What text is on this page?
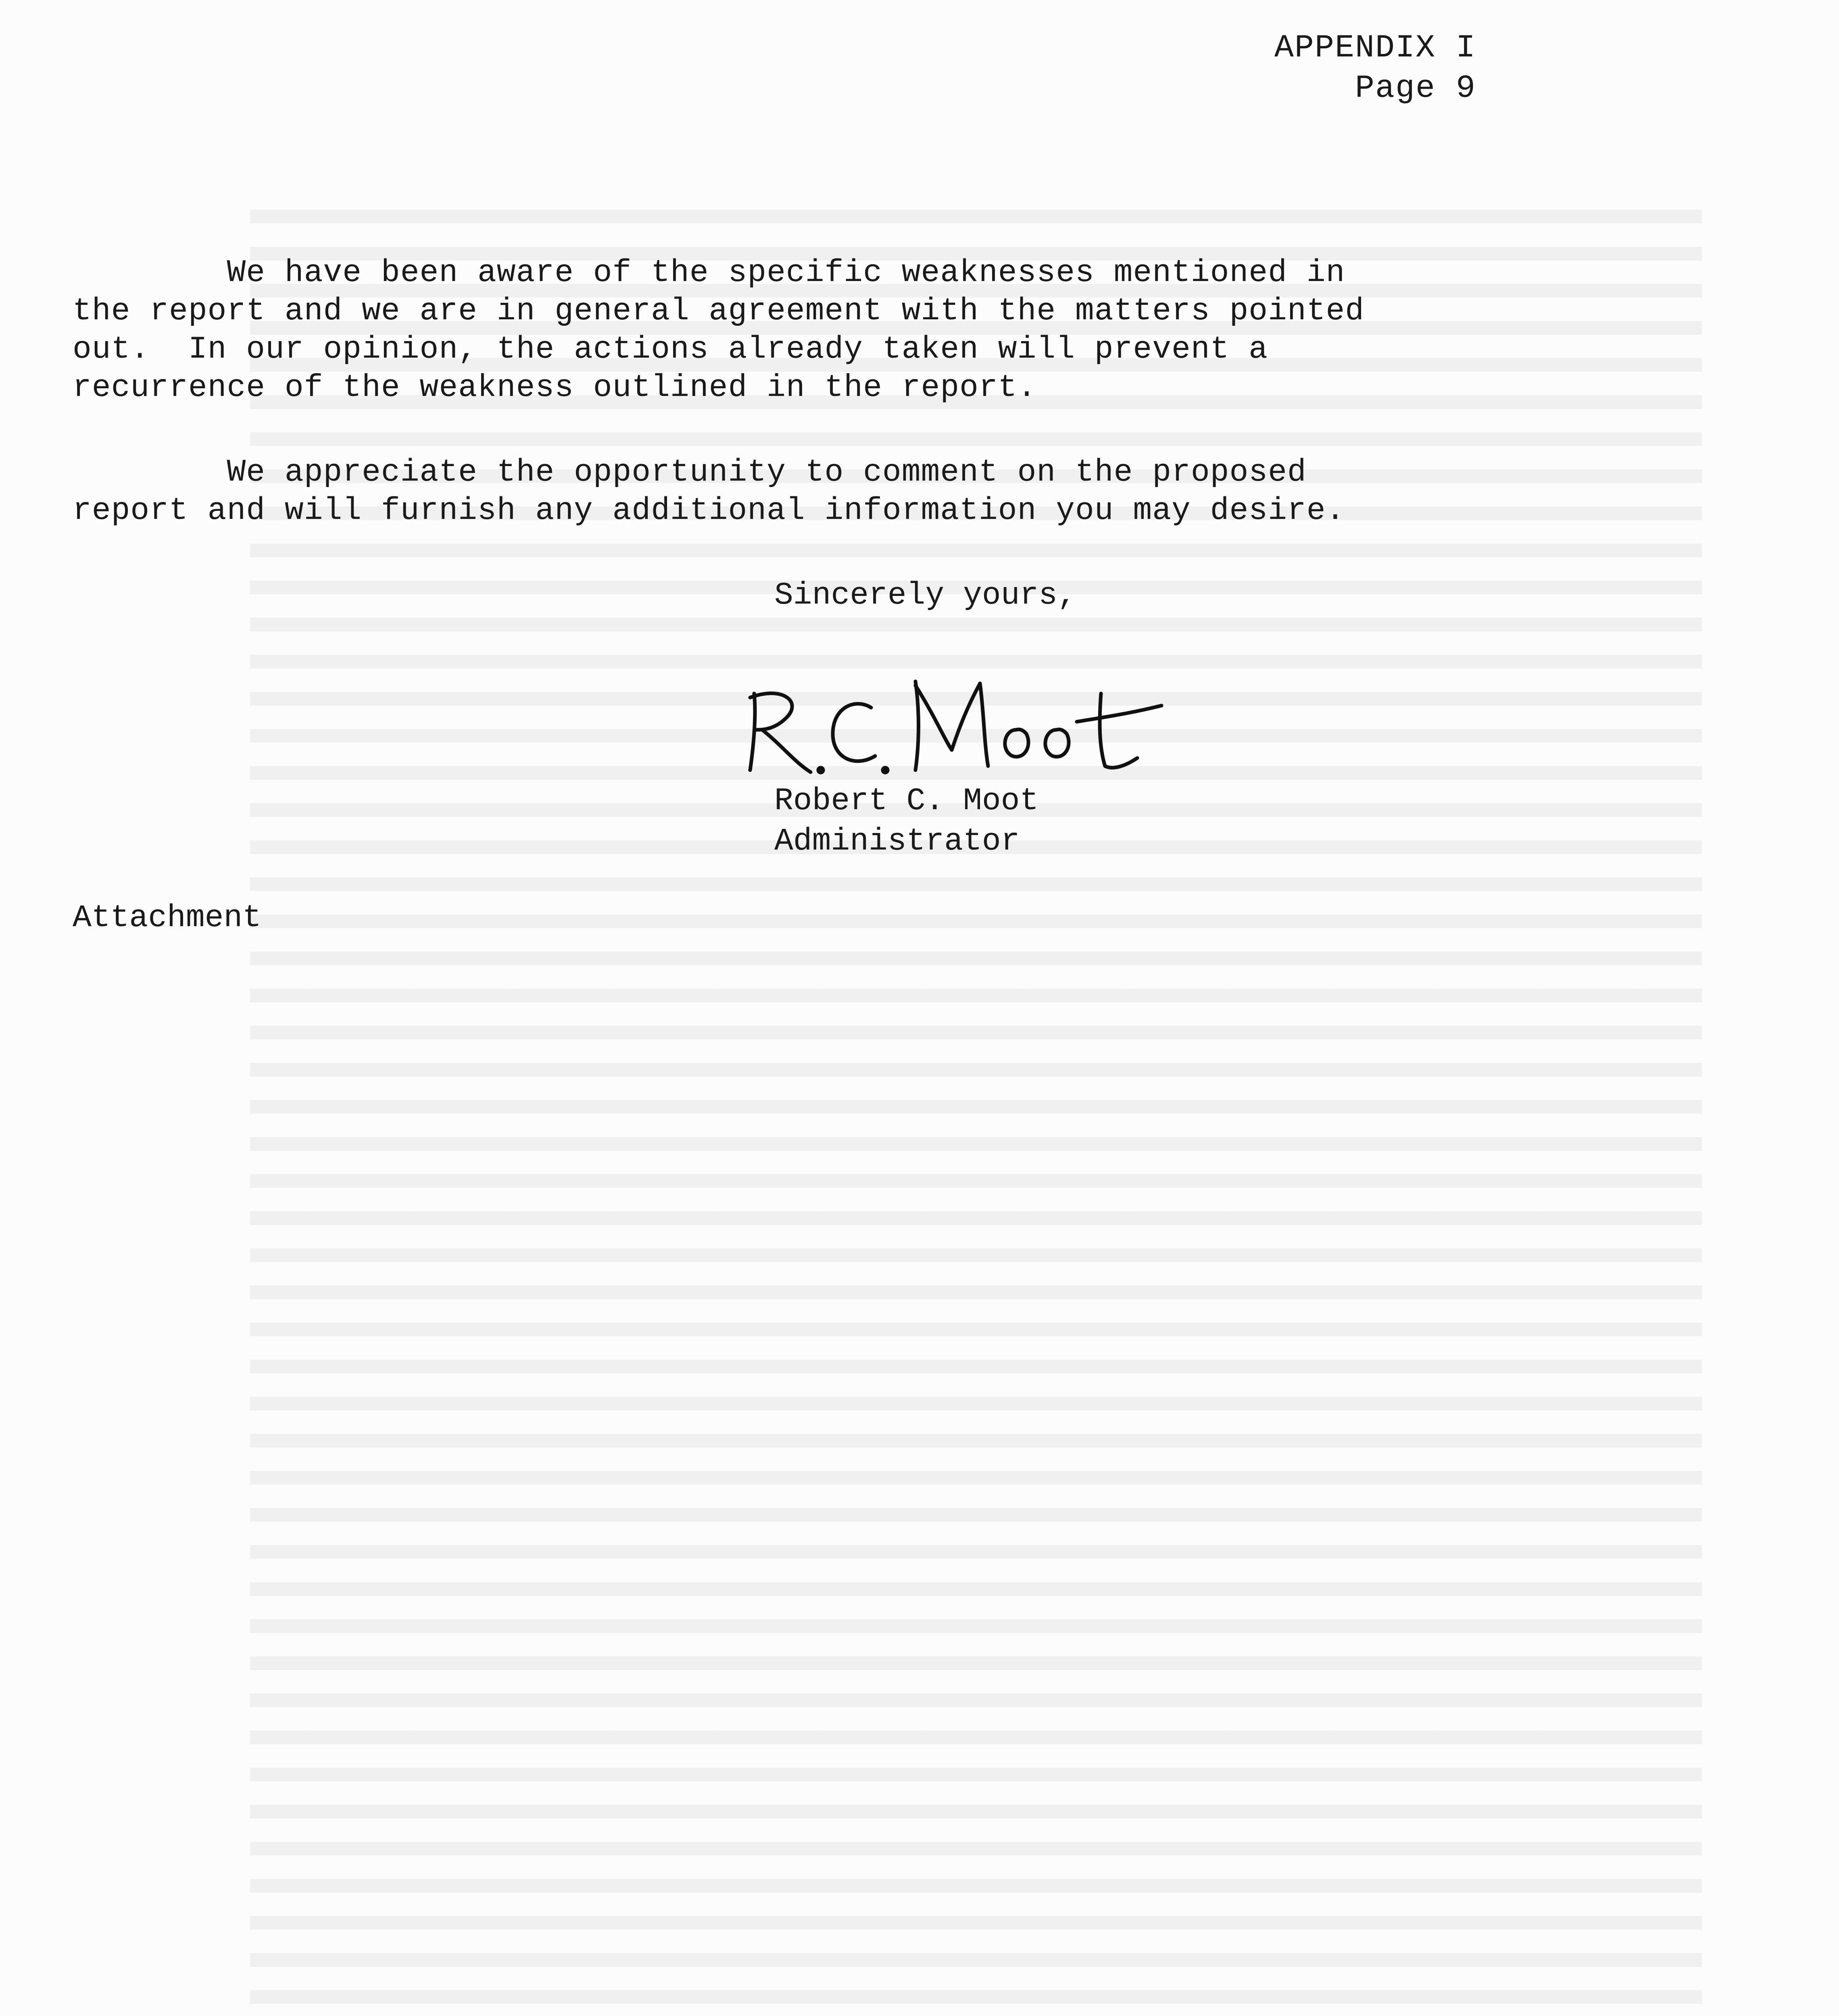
APPENDIX I
Page 9
We have been aware of the specific weaknesses mentioned in
the report and we are in general agreement with the matters pointed
out.  In our opinion, the actions already taken will prevent a
recurrence of the weakness outlined in the report.
We appreciate the opportunity to comment on the proposed
report and will furnish any additional information you may desire.
Sincerely yours,
Robert C. Moot
Administrator
Attachment
